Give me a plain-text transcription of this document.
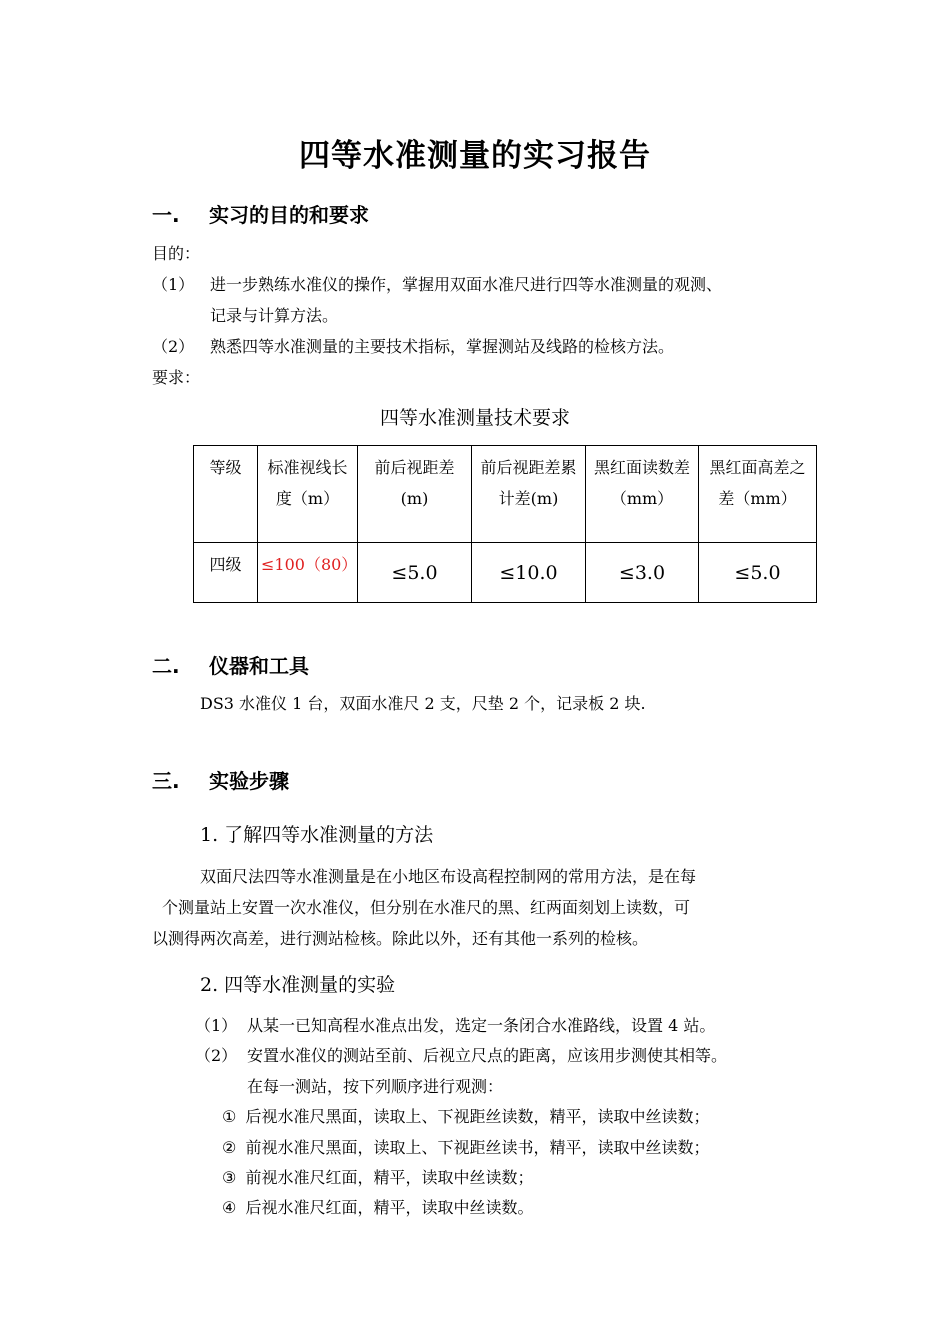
四等水准测量的实习报告
一. 实习的目的和要求
目的：
（1） 进一步熟练水准仪的操作，掌握用双面水准尺进行四等水准测量的观测、
记录与计算方法。
（2） 熟悉四等水准测量的主要技术指标，掌握测站及线路的检核方法。
要求：
四等水准测量技术要求
等级	标准视线长度（m）	前后视距差(m)	前后视距差累计差(m)	黑红面读数差（mm）	黑红面高差之差（mm）
四级	≤100（80）	≤5.0	≤10.0	≤3.0	≤5.0
二. 仪器和工具
DS3 水准仪 1 台，双面水准尺 2 支，尺垫 2 个，记录板 2 块.
三. 实验步骤
1. 了解四等水准测量的方法
双面尺法四等水准测量是在小地区布设高程控制网的常用方法，是在每
个测量站上安置一次水准仪，但分别在水准尺的黑、红两面刻划上读数，可
以测得两次高差，进行测站检核。除此以外，还有其他一系列的检核。
2. 四等水准测量的实验
（1） 从某一已知高程水准点出发，选定一条闭合水准路线，设置 4 站。
（2） 安置水准仪的测站至前、后视立尺点的距离，应该用步测使其相等。
在每一测站，按下列顺序进行观测：
① 后视水准尺黑面，读取上、下视距丝读数，精平，读取中丝读数；
② 前视水准尺黑面，读取上、下视距丝读书，精平，读取中丝读数；
③ 前视水准尺红面，精平，读取中丝读数；
④ 后视水准尺红面，精平，读取中丝读数。
